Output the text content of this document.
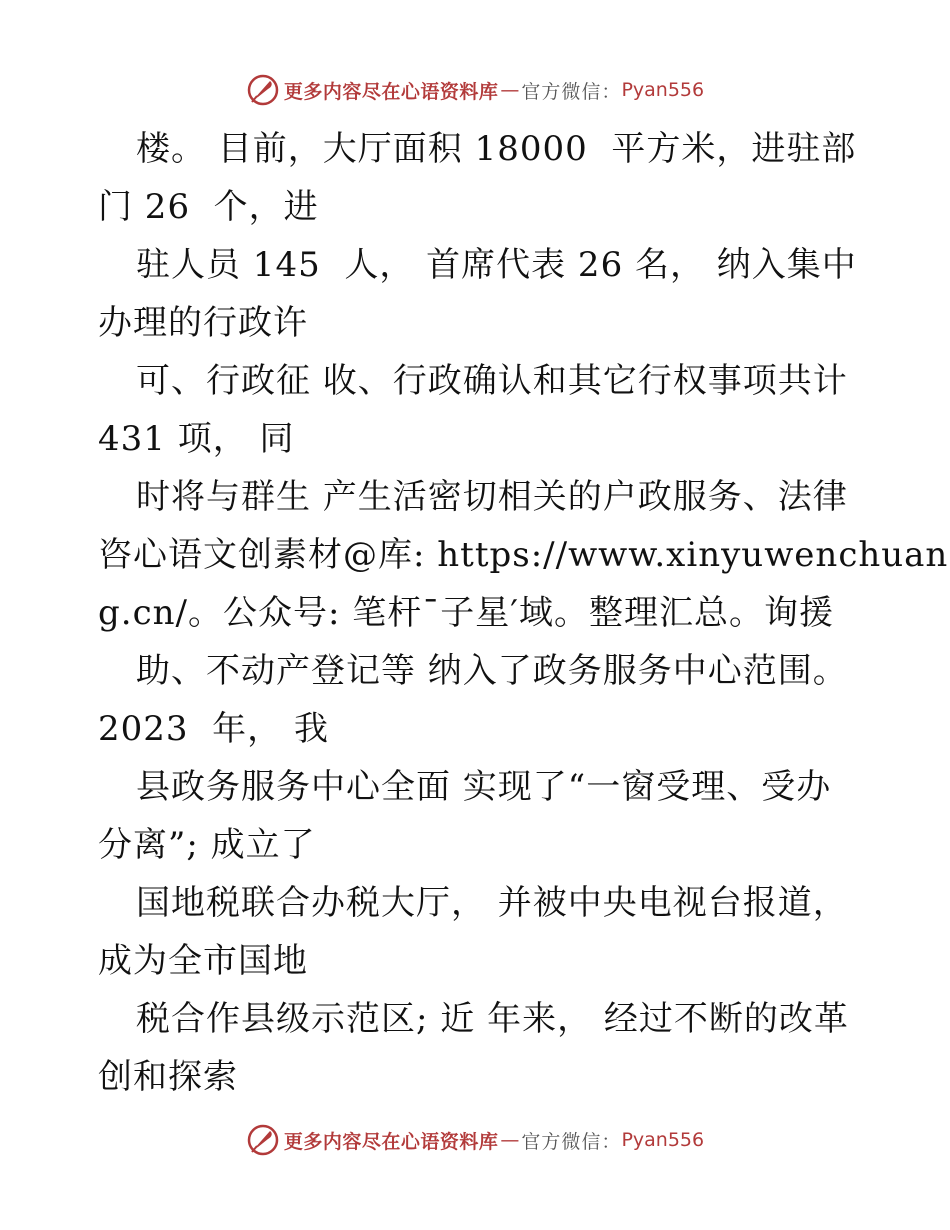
更多内容尽在心语资料库 — 官方微信： Pyan556
楼。 目前，大厅面积 18000  平方米，进驻部
门 26  个，进
驻人员 145  人， 首席代表 26 名， 纳入集中
办理的行政许
可、行政征 收、行政确认和其它行权事项共计
431 项， 同
时将与群生 产生活密切相关的户政服务、法律
咨心语文创素材@库: https://www.xinyuwenchuan
g.cn/。公众号: 笔杆¯子星′域。整理汇总。询援
助、不动产登记等 纳入了政务服务中心范围。
2023  年， 我
县政务服务中心全面 实现了“一窗受理、受办
分离”; 成立了
国地税联合办税大厅， 并被中央电视台报道，
成为全市国地
税合作县级示范区; 近 年来， 经过不断的改革
创和探索
更多内容尽在心语资料库 — 官方微信： Pyan556
